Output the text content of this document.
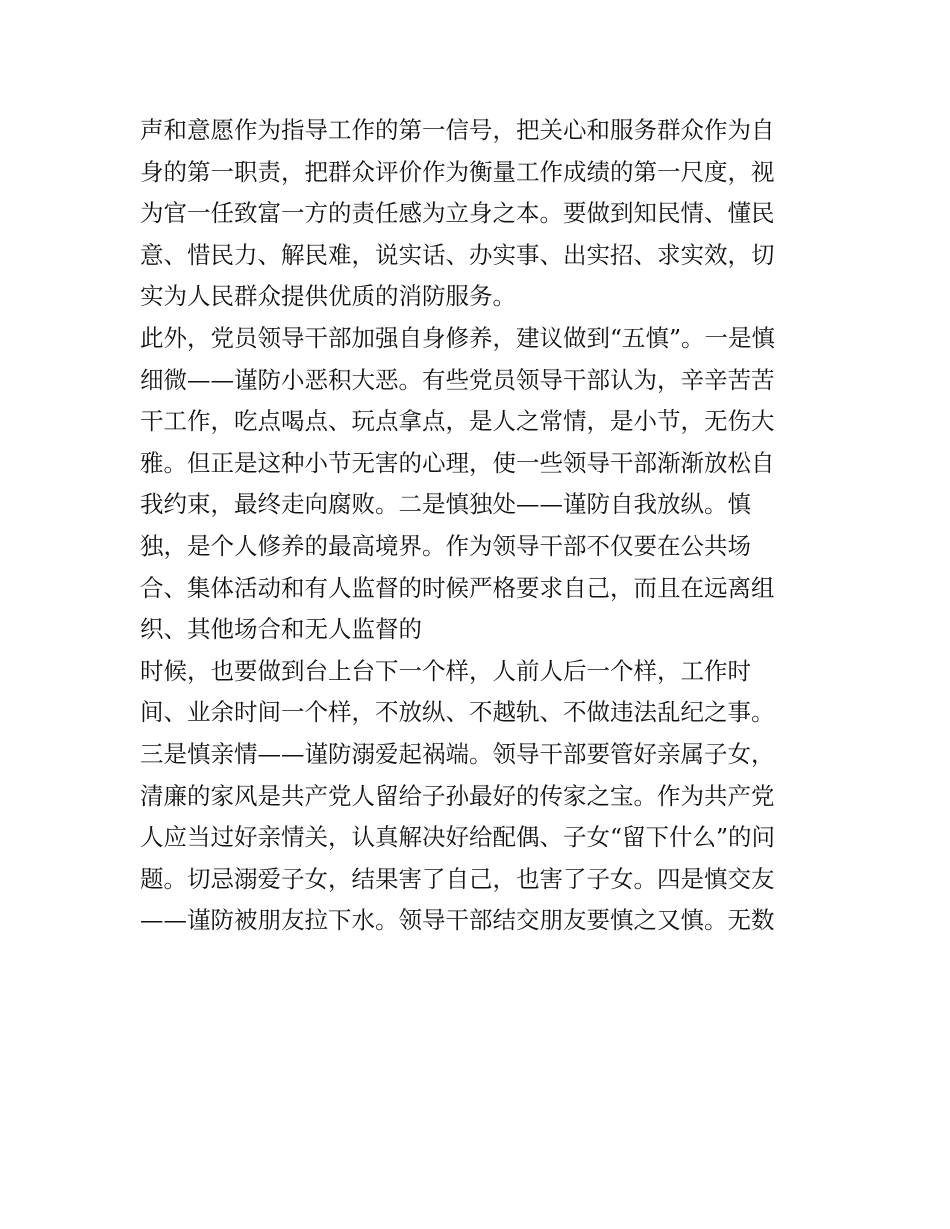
声和意愿作为指导工作的第一信号，把关心和服务群众作为自
身的第一职责，把群众评价作为衡量工作成绩的第一尺度，视
为官一任致富一方的责任感为立身之本。要做到知民情、懂民
意、惜民力、解民难，说实话、办实事、出实招、求实效，切
实为人民群众提供优质的消防服务。
此外，党员领导干部加强自身修养，建议做到“五慎”。一是慎
细微——谨防小恶积大恶。有些党员领导干部认为，辛辛苦苦
干工作，吃点喝点、玩点拿点，是人之常情，是小节，无伤大
雅。但正是这种小节无害的心理，使一些领导干部渐渐放松自
我约束，最终走向腐败。二是慎独处——谨防自我放纵。慎
独，是个人修养的最高境界。作为领导干部不仅要在公共场
合、集体活动和有人监督的时候严格要求自己，而且在远离组
织、其他场合和无人监督的
时候，也要做到台上台下一个样，人前人后一个样，工作时
间、业余时间一个样，不放纵、不越轨、不做违法乱纪之事。
三是慎亲情——谨防溺爱起祸端。领导干部要管好亲属子女，
清廉的家风是共产党人留给子孙最好的传家之宝。作为共产党
人应当过好亲情关，认真解决好给配偶、子女“留下什么”的问
题。切忌溺爱子女，结果害了自己，也害了子女。四是慎交友
——谨防被朋友拉下水。领导干部结交朋友要慎之又慎。无数
